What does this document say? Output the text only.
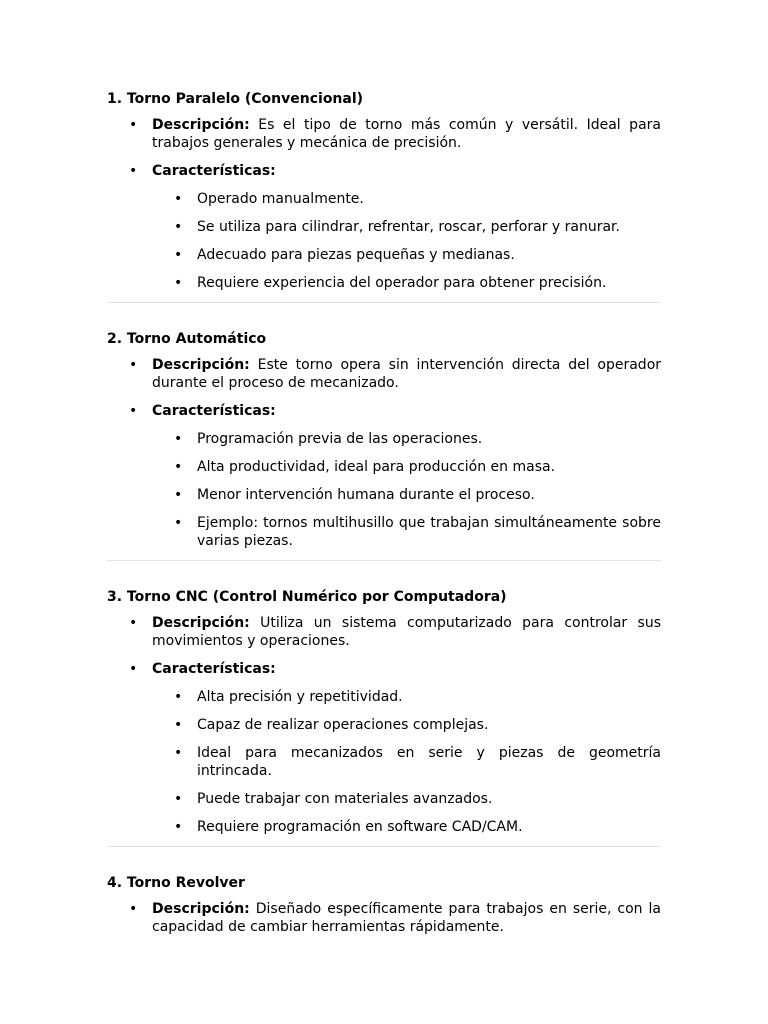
1. Torno Paralelo (Convencional)
• Descripción: Es el tipo de torno más común y versátil. Ideal para trabajos generales y mecánica de precisión.
• Características:
• Operado manualmente.
• Se utiliza para cilindrar, refrentar, roscar, perforar y ranurar.
• Adecuado para piezas pequeñas y medianas.
• Requiere experiencia del operador para obtener precisión.
2. Torno Automático
• Descripción: Este torno opera sin intervención directa del operador durante el proceso de mecanizado.
• Características:
• Programación previa de las operaciones.
• Alta productividad, ideal para producción en masa.
• Menor intervención humana durante el proceso.
• Ejemplo: tornos multihusillo que trabajan simultáneamente sobre varias piezas.
3. Torno CNC (Control Numérico por Computadora)
• Descripción: Utiliza un sistema computarizado para controlar sus movimientos y operaciones.
• Características:
• Alta precisión y repetitividad.
• Capaz de realizar operaciones complejas.
• Ideal para mecanizados en serie y piezas de geometría intrincada.
• Puede trabajar con materiales avanzados.
• Requiere programación en software CAD/CAM.
4. Torno Revolver
• Descripción: Diseñado específicamente para trabajos en serie, con la capacidad de cambiar herramientas rápidamente.
